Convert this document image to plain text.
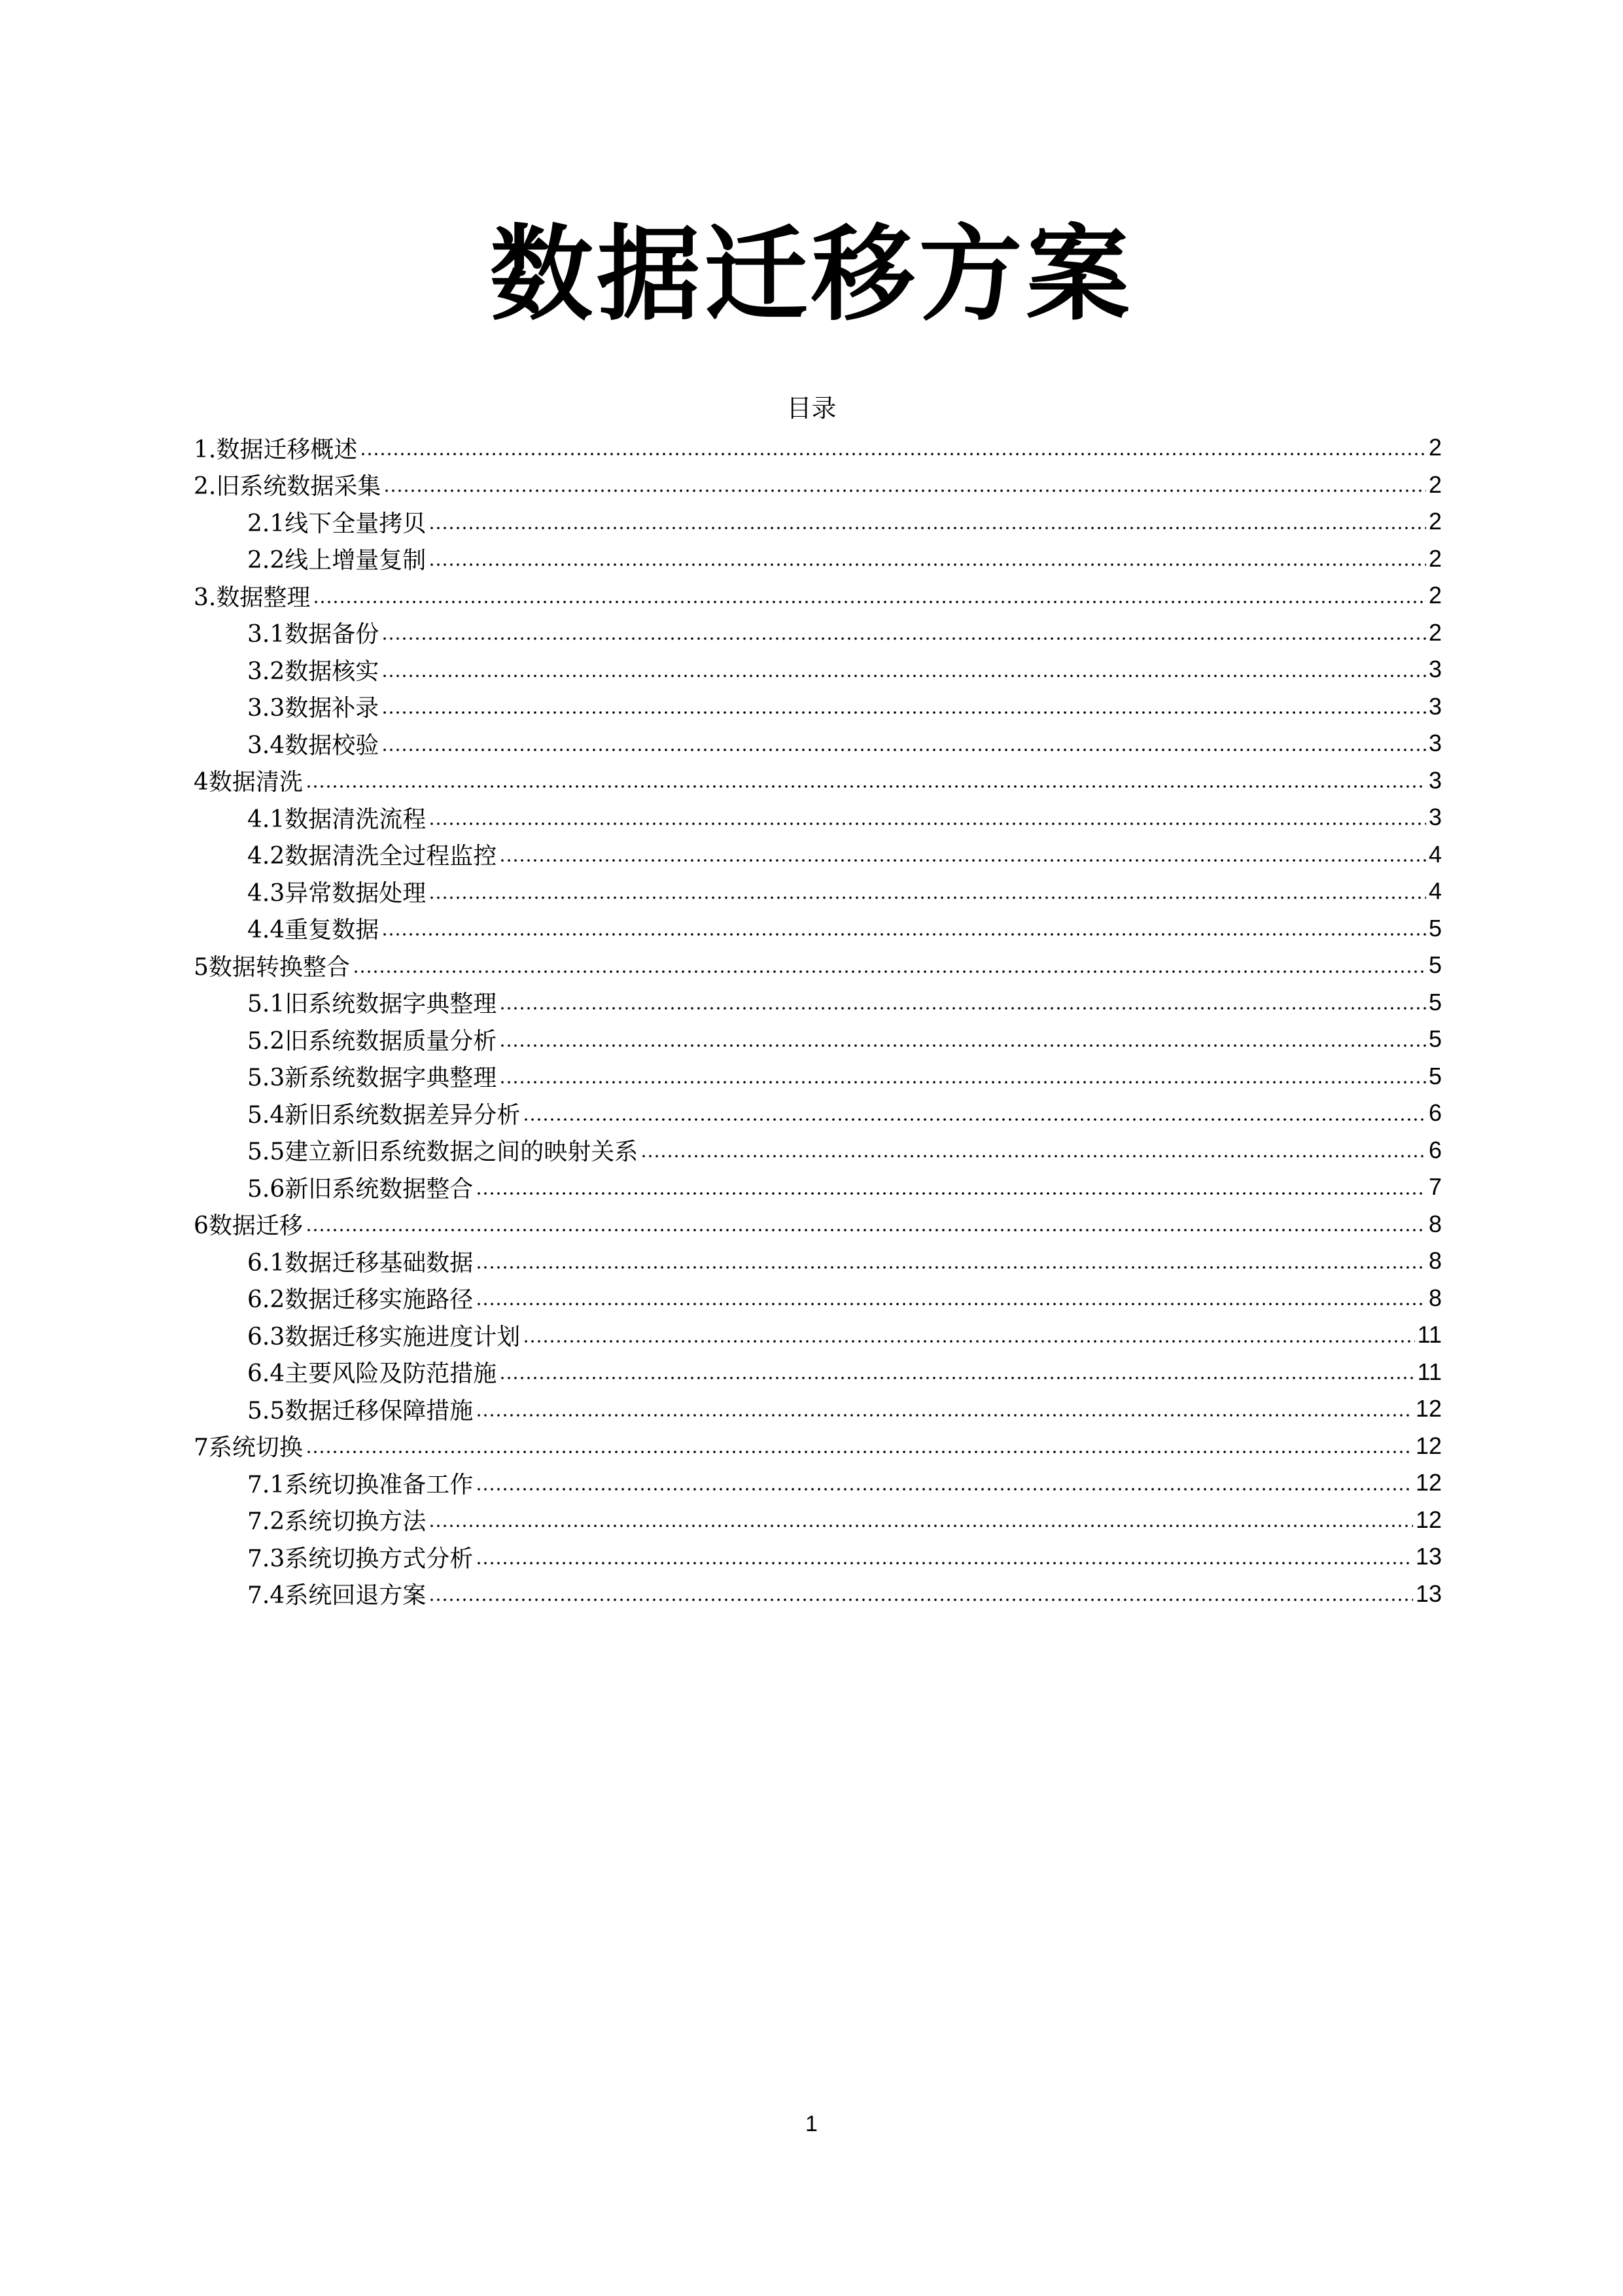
数据迁移方案
目录
1.数据迁移概述	2
2.旧系统数据采集	2
2.1线下全量拷贝	2
2.2线上增量复制	2
3.数据整理	2
3.1数据备份	2
3.2数据核实	3
3.3数据补录	3
3.4数据校验	3
4数据清洗	3
4.1数据清洗流程	3
4.2数据清洗全过程监控	4
4.3异常数据处理	4
4.4重复数据	5
5数据转换整合	5
5.1旧系统数据字典整理	5
5.2旧系统数据质量分析	5
5.3新系统数据字典整理	5
5.4新旧系统数据差异分析	6
5.5建立新旧系统数据之间的映射关系	6
5.6新旧系统数据整合	7
6数据迁移	8
6.1数据迁移基础数据	8
6.2数据迁移实施路径	8
6.3数据迁移实施进度计划	11
6.4主要风险及防范措施	11
5.5数据迁移保障措施	12
7系统切换	12
7.1系统切换准备工作	12
7.2系统切换方法	12
7.3系统切换方式分析	13
7.4系统回退方案	13
1
